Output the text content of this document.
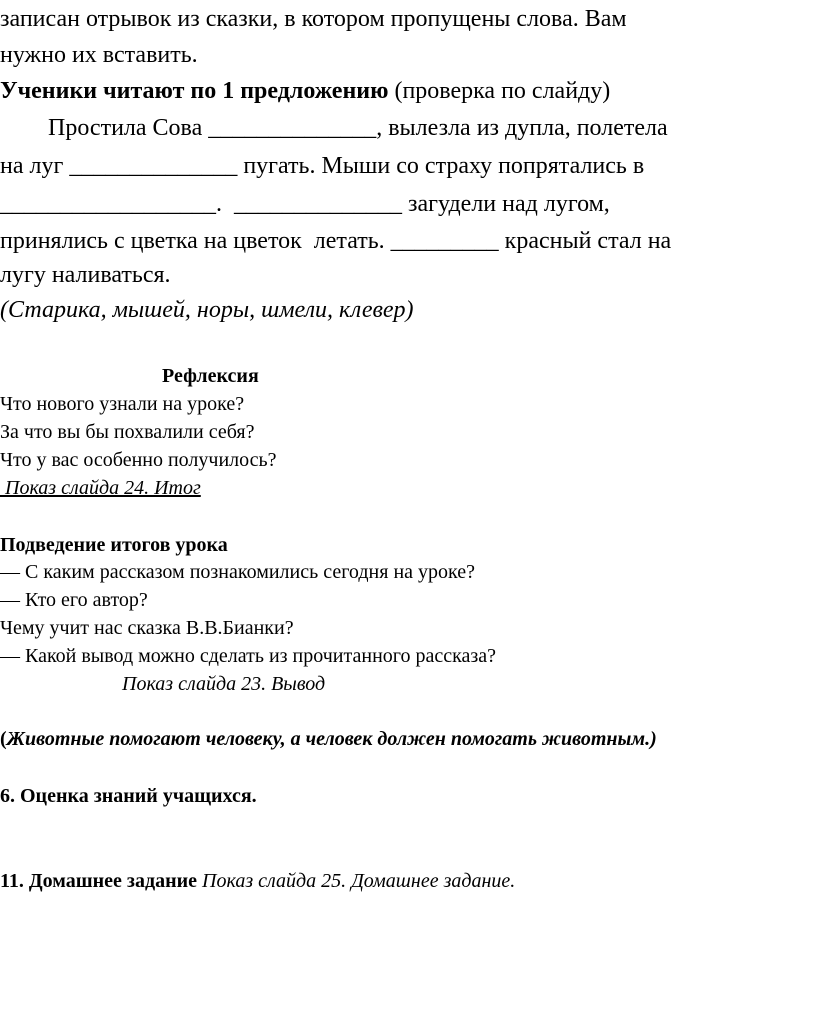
записан отрывок из сказки, в котором пропущены слова. Вам
нужно их вставить.
Ученики читают по 1 предложению (проверка по слайду)
Простила Сова ______________, вылезла из дупла, полетела
на луг ______________ пугать. Мыши со страху попрятались в
__________________.  ______________ загудели над лугом,
принялись с цветка на цветок  летать. _________ красный стал на
лугу наливаться.
(Старика, мышей, норы, шмели, клевер)
Рефлексия
Что нового узнали на уроке?
За что вы бы похвалили себя?
Что у вас особенно получилось?
Показ слайда 24. Итог
Подведение итогов урока
— С каким рассказом познакомились сегодня на уроке?
— Кто его автор?
Чему учит нас сказка В.В.Бианки?
— Какой вывод можно сделать из прочитанного рассказа?
Показ слайда 23. Вывод
(Животные помогают человеку, а человек должен помогать животным.)
6. Оценка знаний учащихся.
11. Домашнее задание Показ слайда 25. Домашнее задание.
